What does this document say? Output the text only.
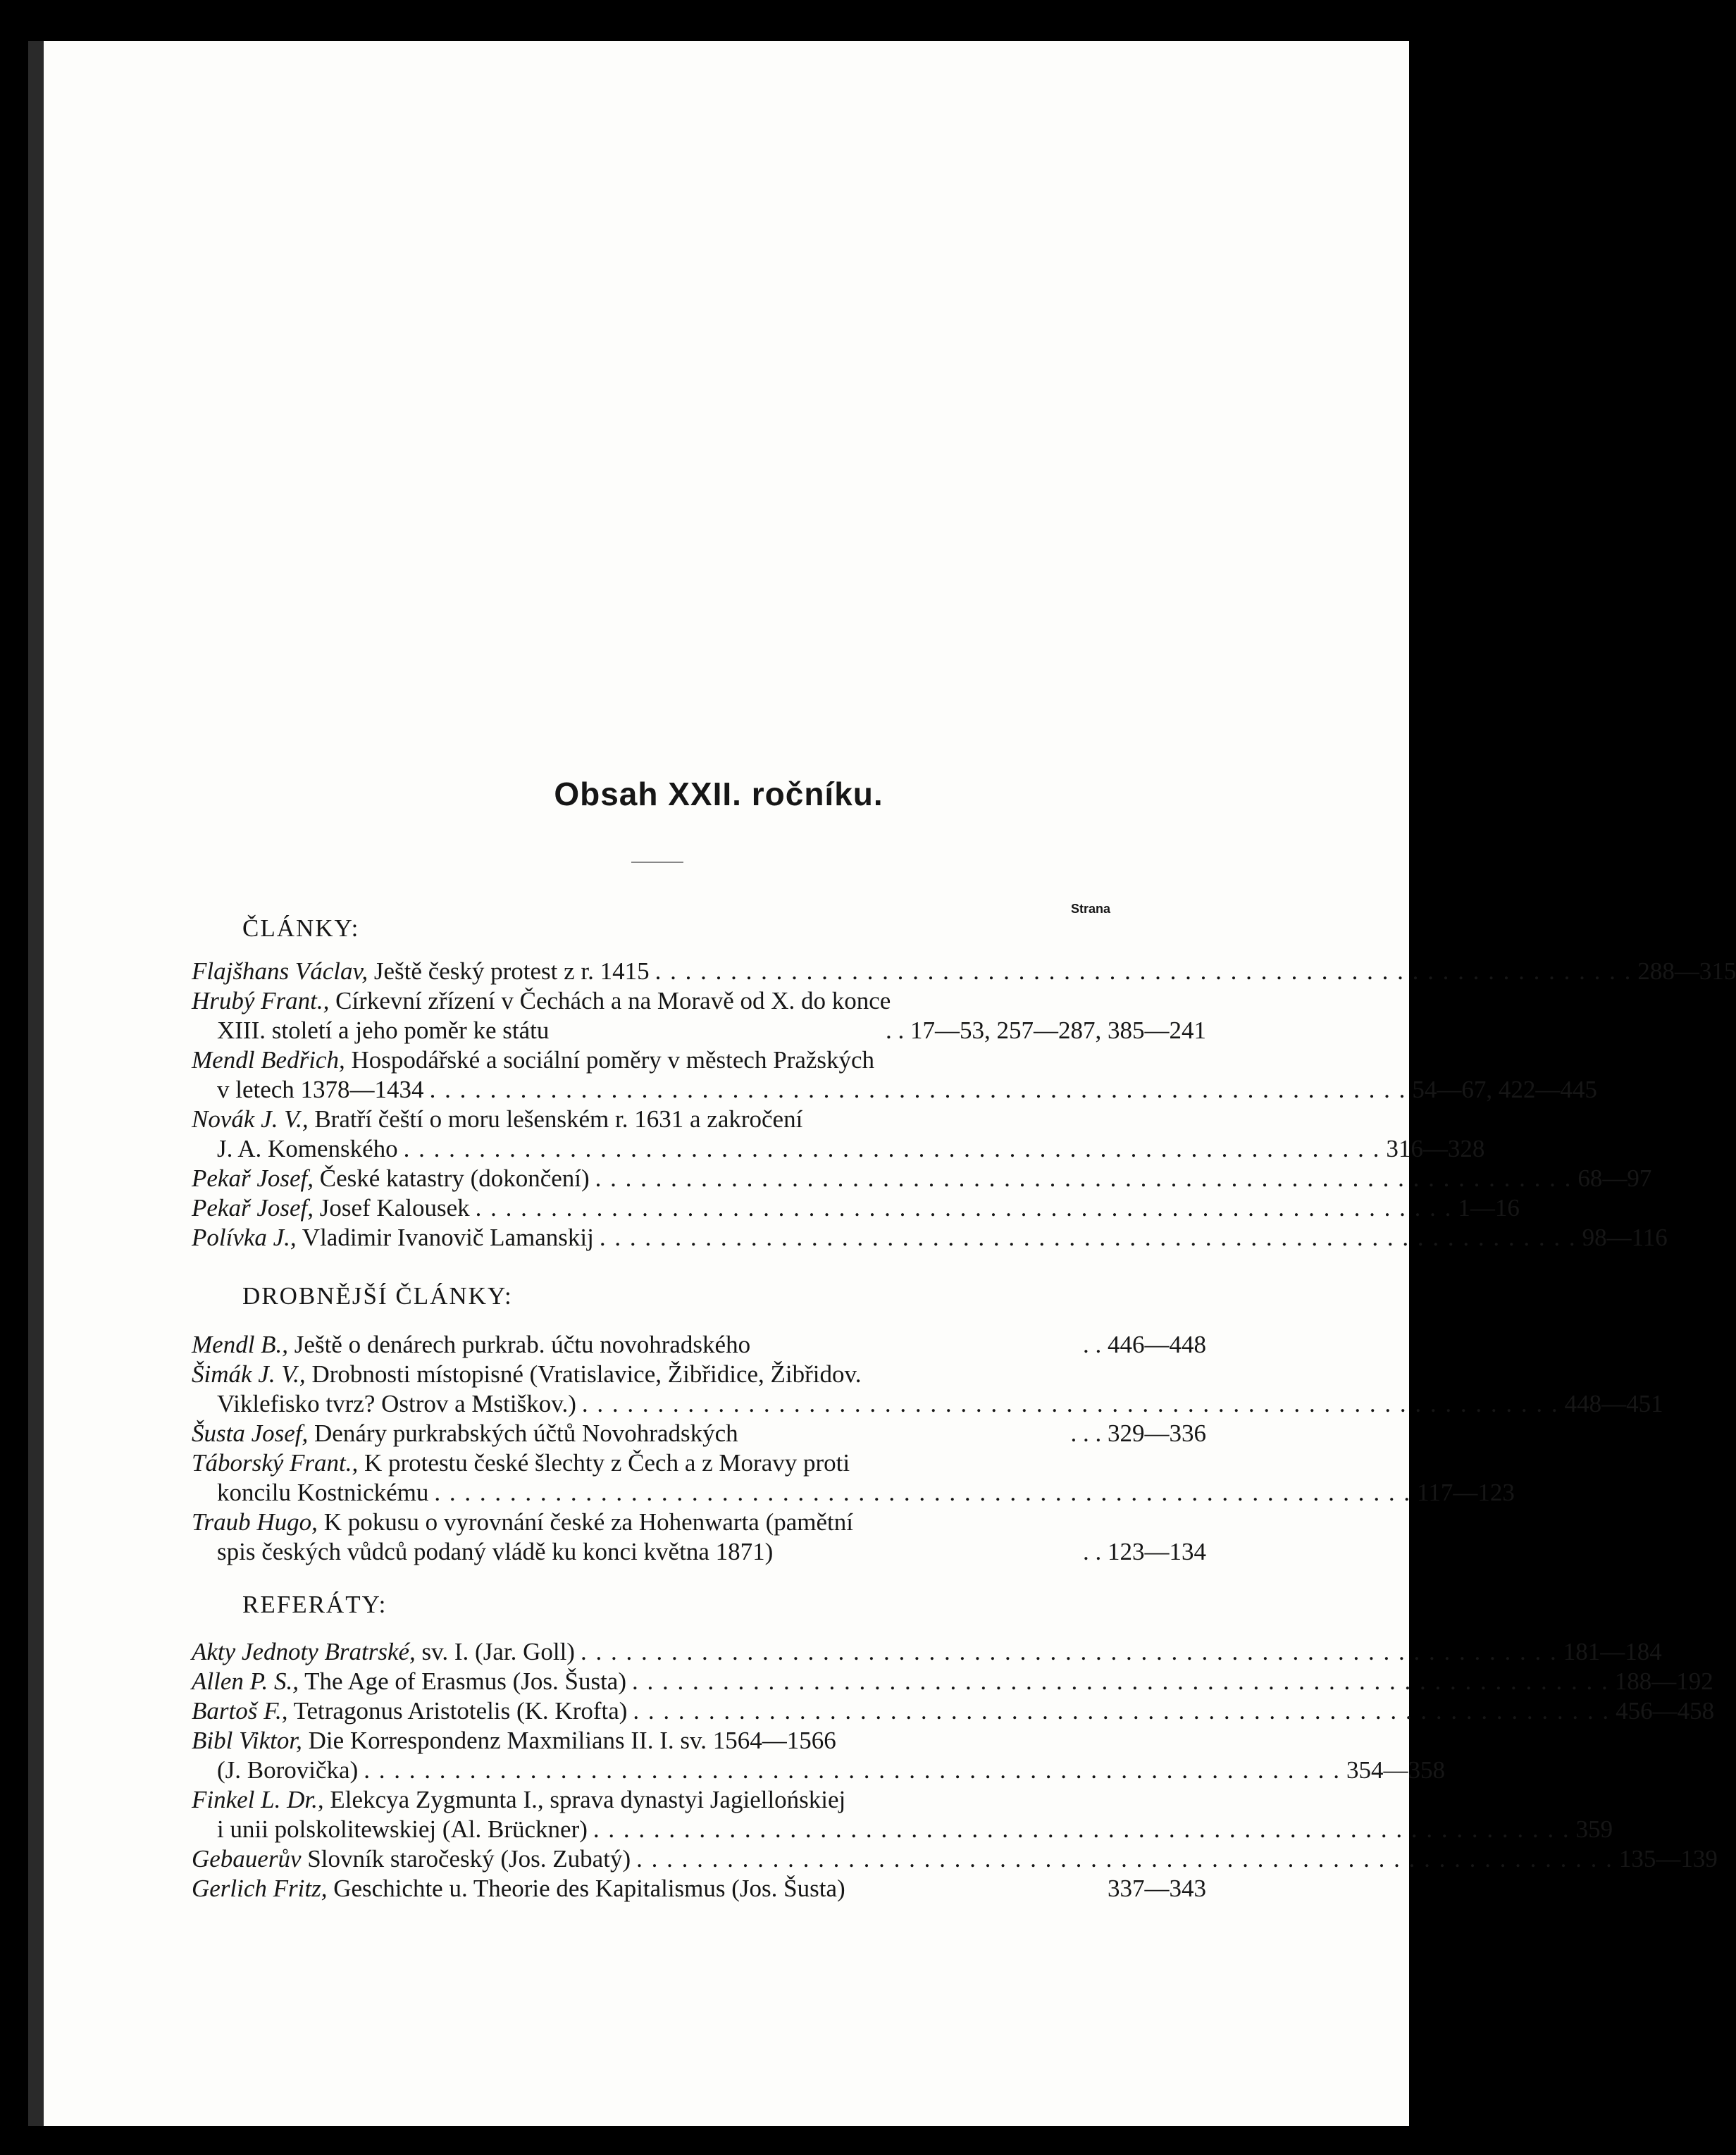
Obsah XXII. ročníku.
ČLÁNKY:
Strana
Flajšhans Václav, Ještě český protest z r. 1415 . . .	288—315
Hrubý Frant., Církevní zřízení v Čechách a na Moravě od X. do konce
XIII. století a jeho poměr ke státu	. . 17—53, 257—287, 385—241
Mendl Bedřich, Hospodářské a sociální poměry v městech Pražských
v letech 1378—1434 . . .	54—67, 422—445
Novák J. V., Bratří čeští o moru lešenském r. 1631 a zakročení
J. A. Komenského . . .	316—328
Pekař Josef, České katastry (dokončení) . . .	68—97
Pekař Josef, Josef Kalousek . . .	1—16
Polívka J., Vladimir Ivanovič Lamanskij . . .	98—116
DROBNĚJŠÍ ČLÁNKY:
Mendl B., Ještě o denárech purkrab. účtu novohradského	. . 446—448
Šimák J. V., Drobnosti místopisné (Vratislavice, Žibřidice, Žibřidov.
Viklefisko tvrz? Ostrov a Mstiškov.) . . .	448—451
Šusta Josef, Denáry purkrabských účtů Novohradských	. . . 329—336
Táborský Frant., K protestu české šlechty z Čech a z Moravy proti
koncilu Kostnickému . . .	117—123
Traub Hugo, K pokusu o vyrovnání české za Hohenwarta (pamětní
spis českých vůdců podaný vládě ku konci května 1871)	. . 123—134
REFERÁTY:
Akty Jednoty Bratrské, sv. I. (Jar. Goll) . . .	181—184
Allen P. S., The Age of Erasmus (Jos. Šusta) . . .	188—192
Bartoš F., Tetragonus Aristotelis (K. Krofta) . . .	456—458
Bibl Viktor, Die Korrespondenz Maxmilians II. I. sv. 1564—1566
(J. Borovička) . . .	354—358
Finkel L. Dr., Elekcya Zygmunta I., sprava dynastyi Jagiellońskiej
i unii polskolitewskiej (Al. Brückner) . . .	359
Gebauerův Slovník staročeský (Jos. Zubatý) . . .	135—139
Gerlich Fritz, Geschichte u. Theorie des Kapitalismus (Jos. Šusta)	337—343
